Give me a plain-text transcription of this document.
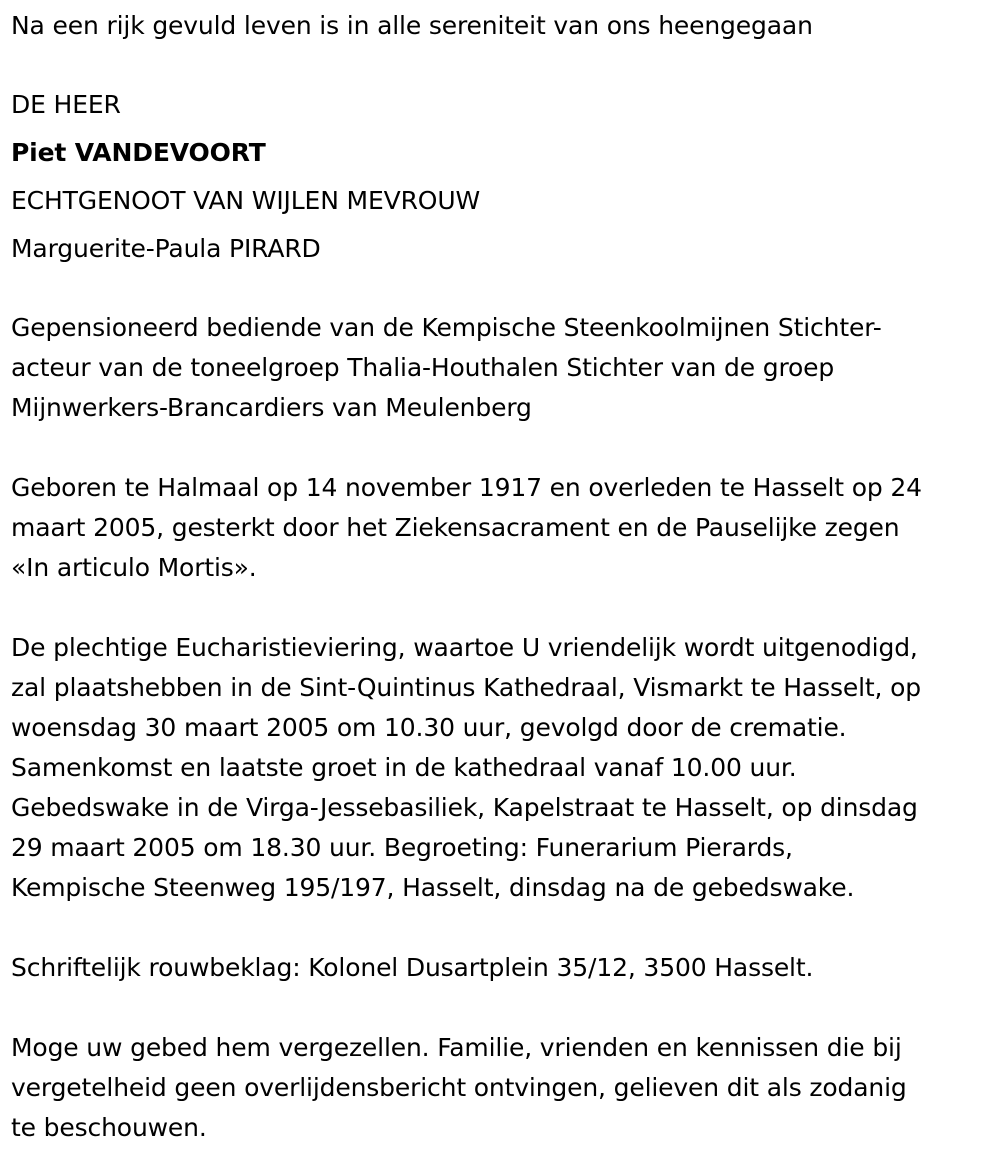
Na een rijk gevuld leven is in alle sereniteit van ons heengegaan
DE HEER
Piet VANDEVOORT
ECHTGENOOT VAN WIJLEN MEVROUW
Marguerite-Paula PIRARD
Gepensioneerd bediende van de Kempische Steenkoolmijnen Stichter-
acteur van de toneelgroep Thalia-Houthalen Stichter van de groep
Mijnwerkers-Brancardiers van Meulenberg
Geboren te Halmaal op 14 november 1917 en overleden te Hasselt op 24
maart 2005, gesterkt door het Ziekensacrament en de Pauselijke zegen
«In articulo Mortis».
De plechtige Eucharistieviering, waartoe U vriendelijk wordt uitgenodigd,
zal plaatshebben in de Sint-Quintinus Kathedraal, Vismarkt te Hasselt, op
woensdag 30 maart 2005 om 10.30 uur, gevolgd door de crematie.
Samenkomst en laatste groet in de kathedraal vanaf 10.00 uur.
Gebedswake in de Virga-Jessebasiliek, Kapelstraat te Hasselt, op dinsdag
29 maart 2005 om 18.30 uur. Begroeting: Funerarium Pierards,
Kempische Steenweg 195/197, Hasselt, dinsdag na de gebedswake.
Schriftelijk rouwbeklag: Kolonel Dusartplein 35/12, 3500 Hasselt.
Moge uw gebed hem vergezellen. Familie, vrienden en kennissen die bij
vergetelheid geen overlijdensbericht ontvingen, gelieven dit als zodanig
te beschouwen.
